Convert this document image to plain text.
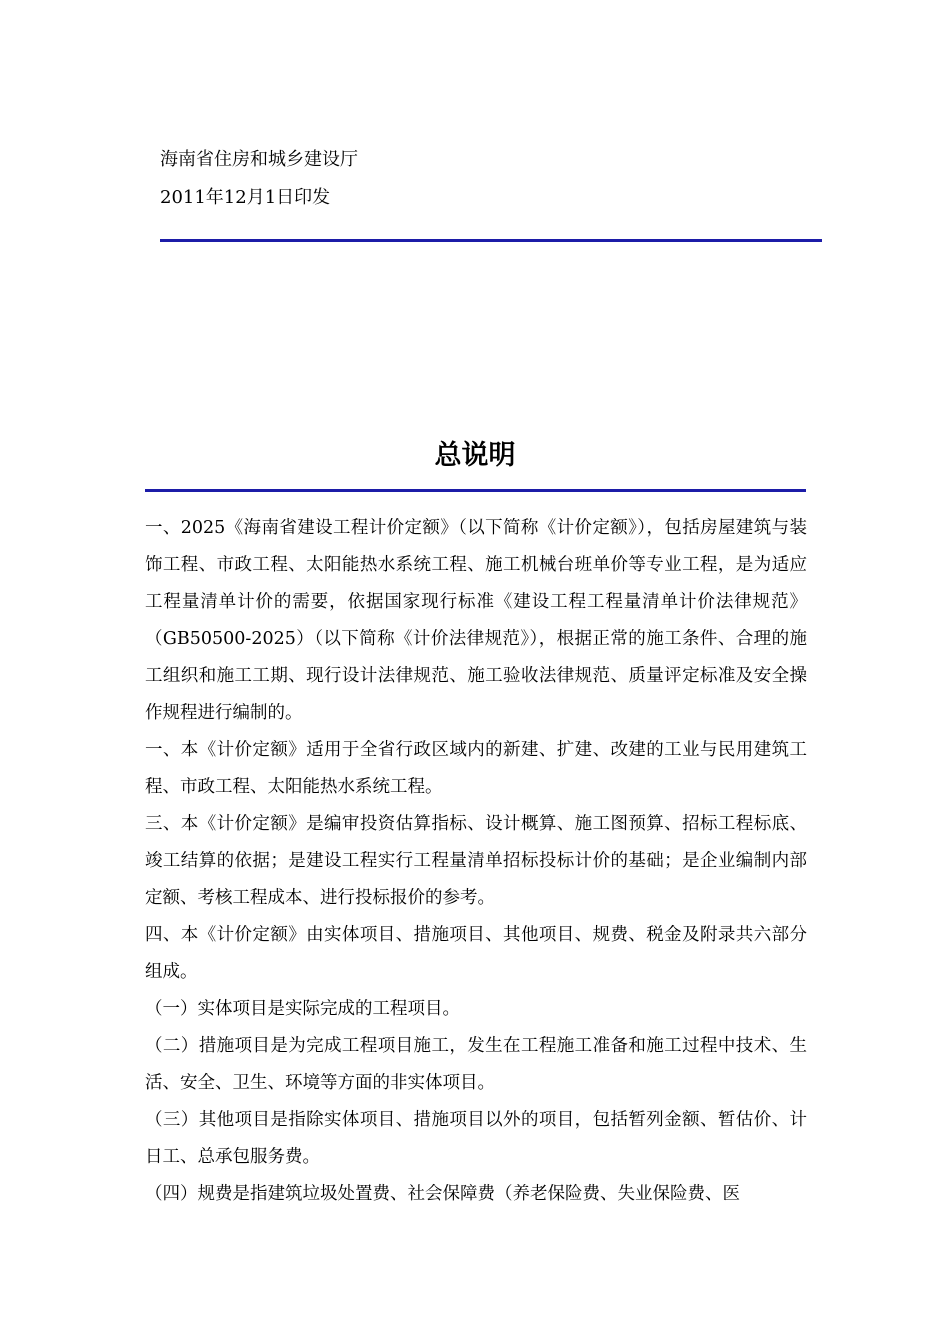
海南省住房和城乡建设厅
2011年12月1日印发
总说明

一、2025《海南省建设工程计价定额》（以下简称《计价定额》），包括房屋建筑与装饰工程、市政工程、太阳能热水系统工程、施工机械台班单价等专业工程，是为适应工程量清单计价的需要，依据国家现行标准《建设工程工程量清单计价法律规范》（GB50500-2025）（以下简称《计价法律规范》），根据正常的施工条件、合理的施工组织和施工工期、现行设计法律规范、施工验收法律规范、质量评定标准及安全操作规程进行编制的。

一、本《计价定额》适用于全省行政区域内的新建、扩建、改建的工业与民用建筑工程、市政工程、太阳能热水系统工程。

三、本《计价定额》是编审投资估算指标、设计概算、施工图预算、招标工程标底、竣工结算的依据；是建设工程实行工程量清单招标投标计价的基础；是企业编制内部定额、考核工程成本、进行投标报价的参考。

四、本《计价定额》由实体项目、措施项目、其他项目、规费、税金及附录共六部分组成。

（一）实体项目是实际完成的工程项目。

（二）措施项目是为完成工程项目施工，发生在工程施工准备和施工过程中技术、生活、安全、卫生、环境等方面的非实体项目。

（三）其他项目是指除实体项目、措施项目以外的项目，包括暂列金额、暂估价、计日工、总承包服务费。

（四）规费是指建筑垃圾处置费、社会保障费（养老保险费、失业保险费、医
